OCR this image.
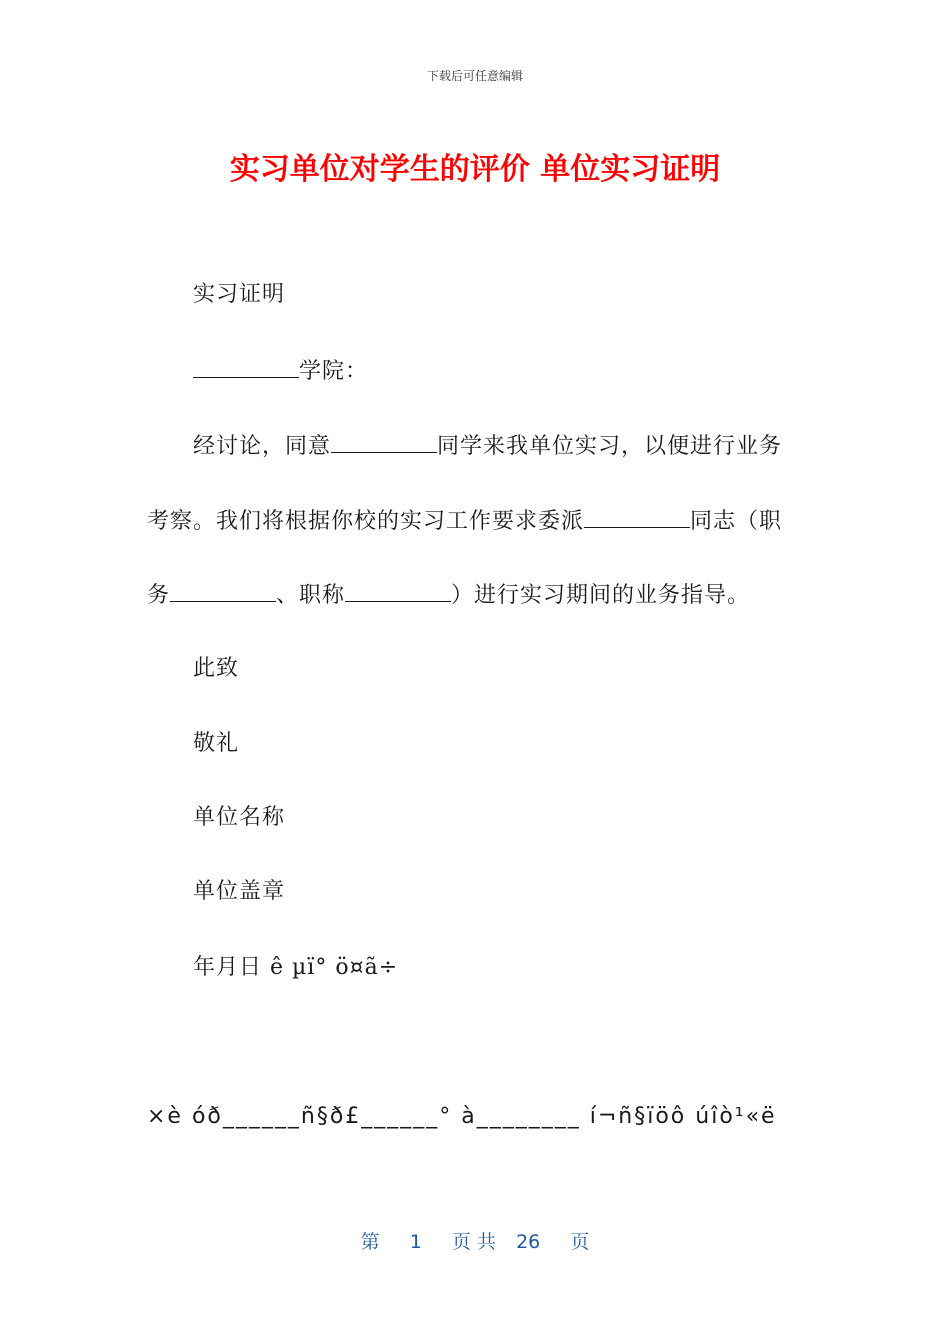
下载后可任意编辑
实习单位对学生的评价 单位实习证明
实习证明
学院：
经讨论，同意	同学来我单位实习，以便进行业务
考察。我们将根据你校的实习工作要求委派	同志（职
务	、职称	）进行实习期间的业务指导。
此致
敬礼
单位名称
单位盖章
年月日 ê µï° ö¤ã÷
×è óð______ñ§ð£______° à________ í¬ñ§ïöô úîò¹«ë
第 1 页 共 26 页
